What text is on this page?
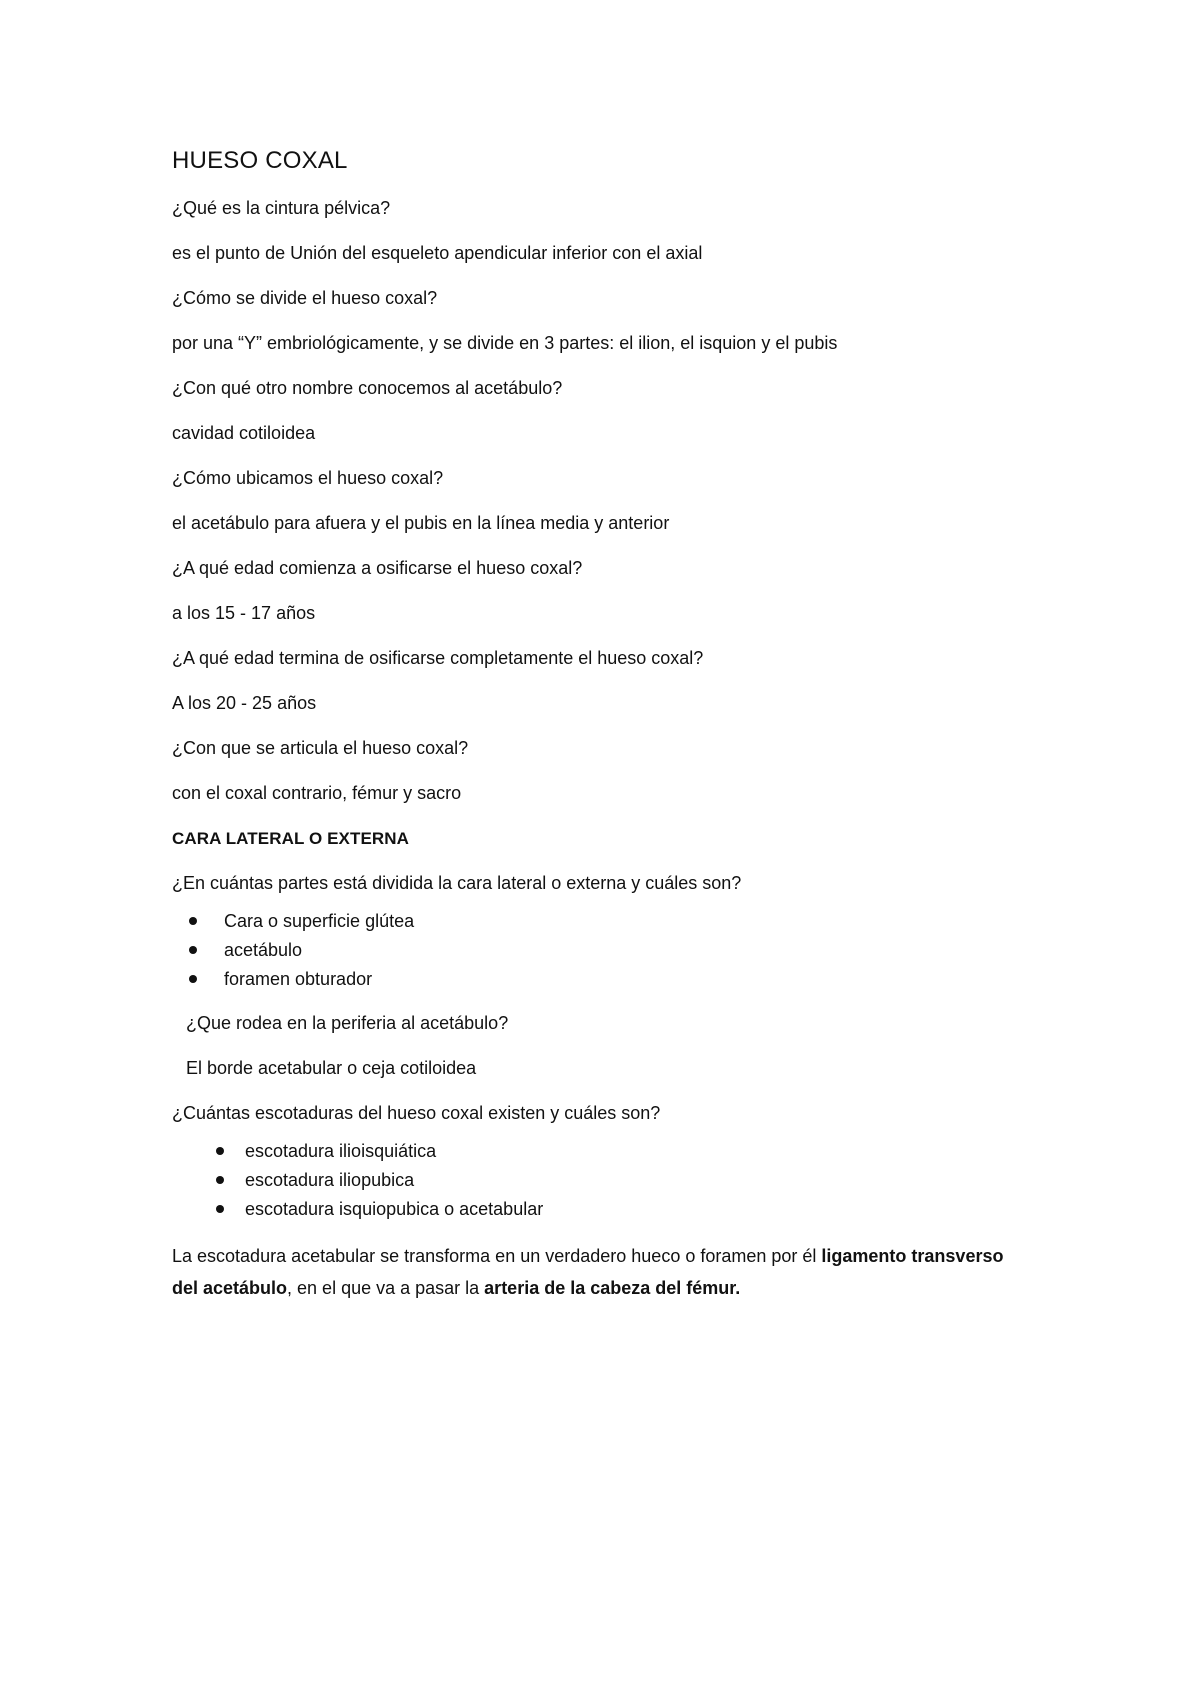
HUESO COXAL
¿Qué es la cintura pélvica?
es el punto de Unión del esqueleto apendicular inferior con el axial
¿Cómo se divide el hueso coxal?
por una “Y” embriológicamente, y se divide en 3 partes: el ilion, el isquion y el pubis
¿Con qué otro nombre conocemos al acetábulo?
cavidad cotiloidea
¿Cómo ubicamos el hueso coxal?
el acetábulo para afuera y el pubis en la línea media y anterior
¿A qué edad comienza a osificarse el hueso coxal?
a los 15 - 17 años
¿A qué edad termina de osificarse completamente el hueso coxal?
A los 20 - 25 años
¿Con que se articula el hueso coxal?
con el coxal contrario, fémur y sacro
CARA LATERAL O EXTERNA
¿En cuántas partes está dividida la cara lateral o externa y cuáles son?
Cara o superficie glútea
acetábulo
foramen obturador
¿Que rodea en la periferia al acetábulo?
El borde acetabular o ceja cotiloidea
¿Cuántas escotaduras del hueso coxal existen y cuáles son?
escotadura ilioisquiática
escotadura iliopubica
escotadura isquiopubica o acetabular

La escotadura acetabular se transforma en un verdadero hueco o foramen por él ligamento transverso del acetábulo, en el que va a pasar la arteria de la cabeza del fémur.
